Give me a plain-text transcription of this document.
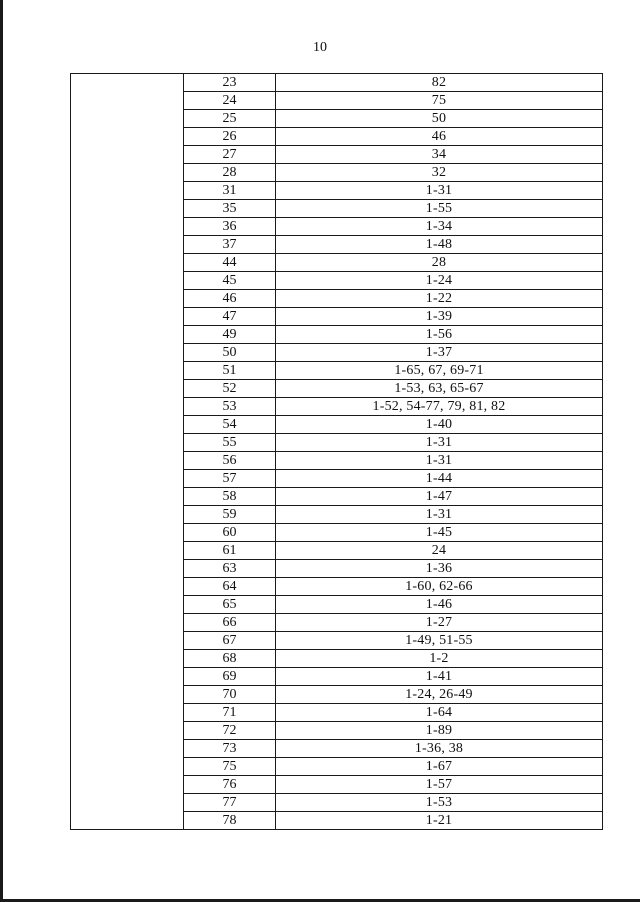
10
23	82
24	75
25	50
26	46
27	34
28	32
31	1-31
35	1-55
36	1-34
37	1-48
44	28
45	1-24
46	1-22
47	1-39
49	1-56
50	1-37
51	1-65, 67, 69-71
52	1-53, 63, 65-67
53	1-52, 54-77, 79, 81, 82
54	1-40
55	1-31
56	1-31
57	1-44
58	1-47
59	1-31
60	1-45
61	24
63	1-36
64	1-60, 62-66
65	1-46
66	1-27
67	1-49, 51-55
68	1-2
69	1-41
70	1-24, 26-49
71	1-64
72	1-89
73	1-36, 38
75	1-67
76	1-57
77	1-53
78	1-21
